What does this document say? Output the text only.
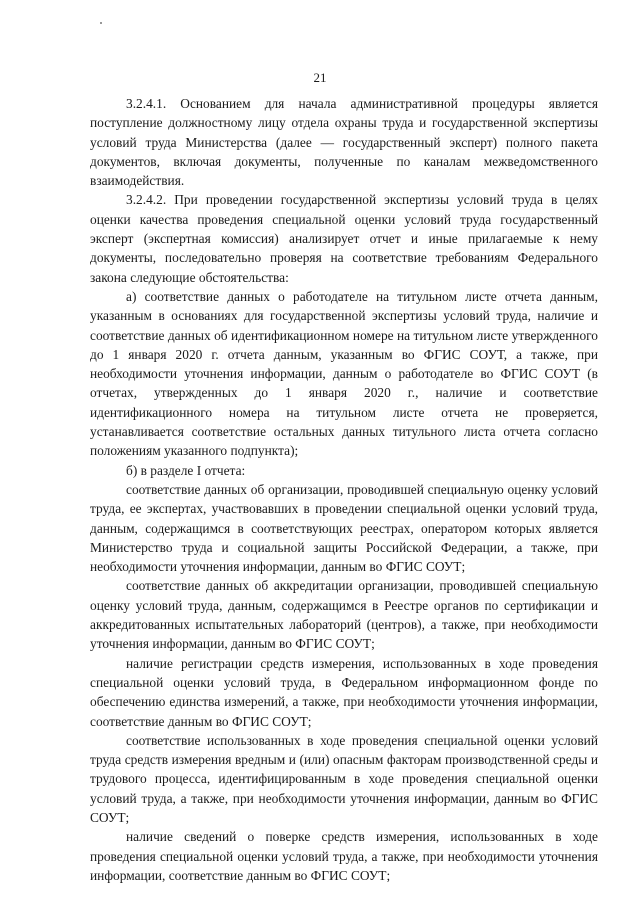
21

3.2.4.1. Основанием для начала административной процедуры является поступление должностному лицу отдела охраны труда и государственной экспертизы условий труда Министерства (далее — государственный эксперт) полного пакета документов, включая документы, полученные по каналам межведомственного взаимодействия.

3.2.4.2. При проведении государственной экспертизы условий труда в целях оценки качества проведения специальной оценки условий труда государственный эксперт (экспертная комиссия) анализирует отчет и иные прилагаемые к нему документы, последовательно проверяя на соответствие требованиям Федерального закона следующие обстоятельства:

а) соответствие данных о работодателе на титульном листе отчета данным, указанным в основаниях для государственной экспертизы условий труда, наличие и соответствие данных об идентификационном номере на титульном листе утвержденного до 1 января 2020 г. отчета данным, указанным во ФГИС СОУТ, а также, при необходимости уточнения информации, данным о работодателе во ФГИС СОУТ (в отчетах, утвержденных до 1 января 2020 г., наличие и соответствие идентификационного номера на титульном листе отчета не проверяется, устанавливается соответствие остальных данных титульного листа отчета согласно положениям указанного подпункта);

б) в разделе I отчета:

соответствие данных об организации, проводившей специальную оценку условий труда, ее экспертах, участвовавших в проведении специальной оценки условий труда, данным, содержащимся в соответствующих реестрах, оператором которых является Министерство труда и социальной защиты Российской Федерации, а также, при необходимости уточнения информации, данным во ФГИС СОУТ;

соответствие данных об аккредитации организации, проводившей специальную оценку условий труда, данным, содержащимся в Реестре органов по сертификации и аккредитованных испытательных лабораторий (центров), а также, при необходимости уточнения информации, данным во ФГИС СОУТ;

наличие регистрации средств измерения, использованных в ходе проведения специальной оценки условий труда, в Федеральном информационном фонде по обеспечению единства измерений, а также, при необходимости уточнения информации, соответствие данным во ФГИС СОУТ;

соответствие использованных в ходе проведения специальной оценки условий труда средств измерения вредным и (или) опасным факторам производственной среды и трудового процесса, идентифицированным в ходе проведения специальной оценки условий труда, а также, при необходимости уточнения информации, данным во ФГИС СОУТ;

наличие сведений о поверке средств измерения, использованных в ходе проведения специальной оценки условий труда, а также, при необходимости уточнения информации, соответствие данным во ФГИС СОУТ;
